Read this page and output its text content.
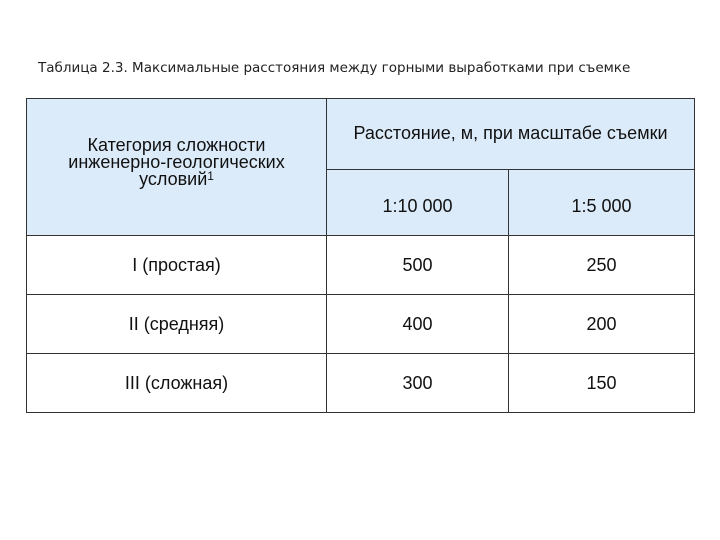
Таблица 2.3. Максимальные расстояния между горными выработками при съемке
Категория сложности
инженерно-геологических
условий$^1$	Расстояние, м, при масштабе съемки	
	1:10 000	1:5 000
I (простая)	500	250
II (средняя)	400	200
III (сложная)	300	150
